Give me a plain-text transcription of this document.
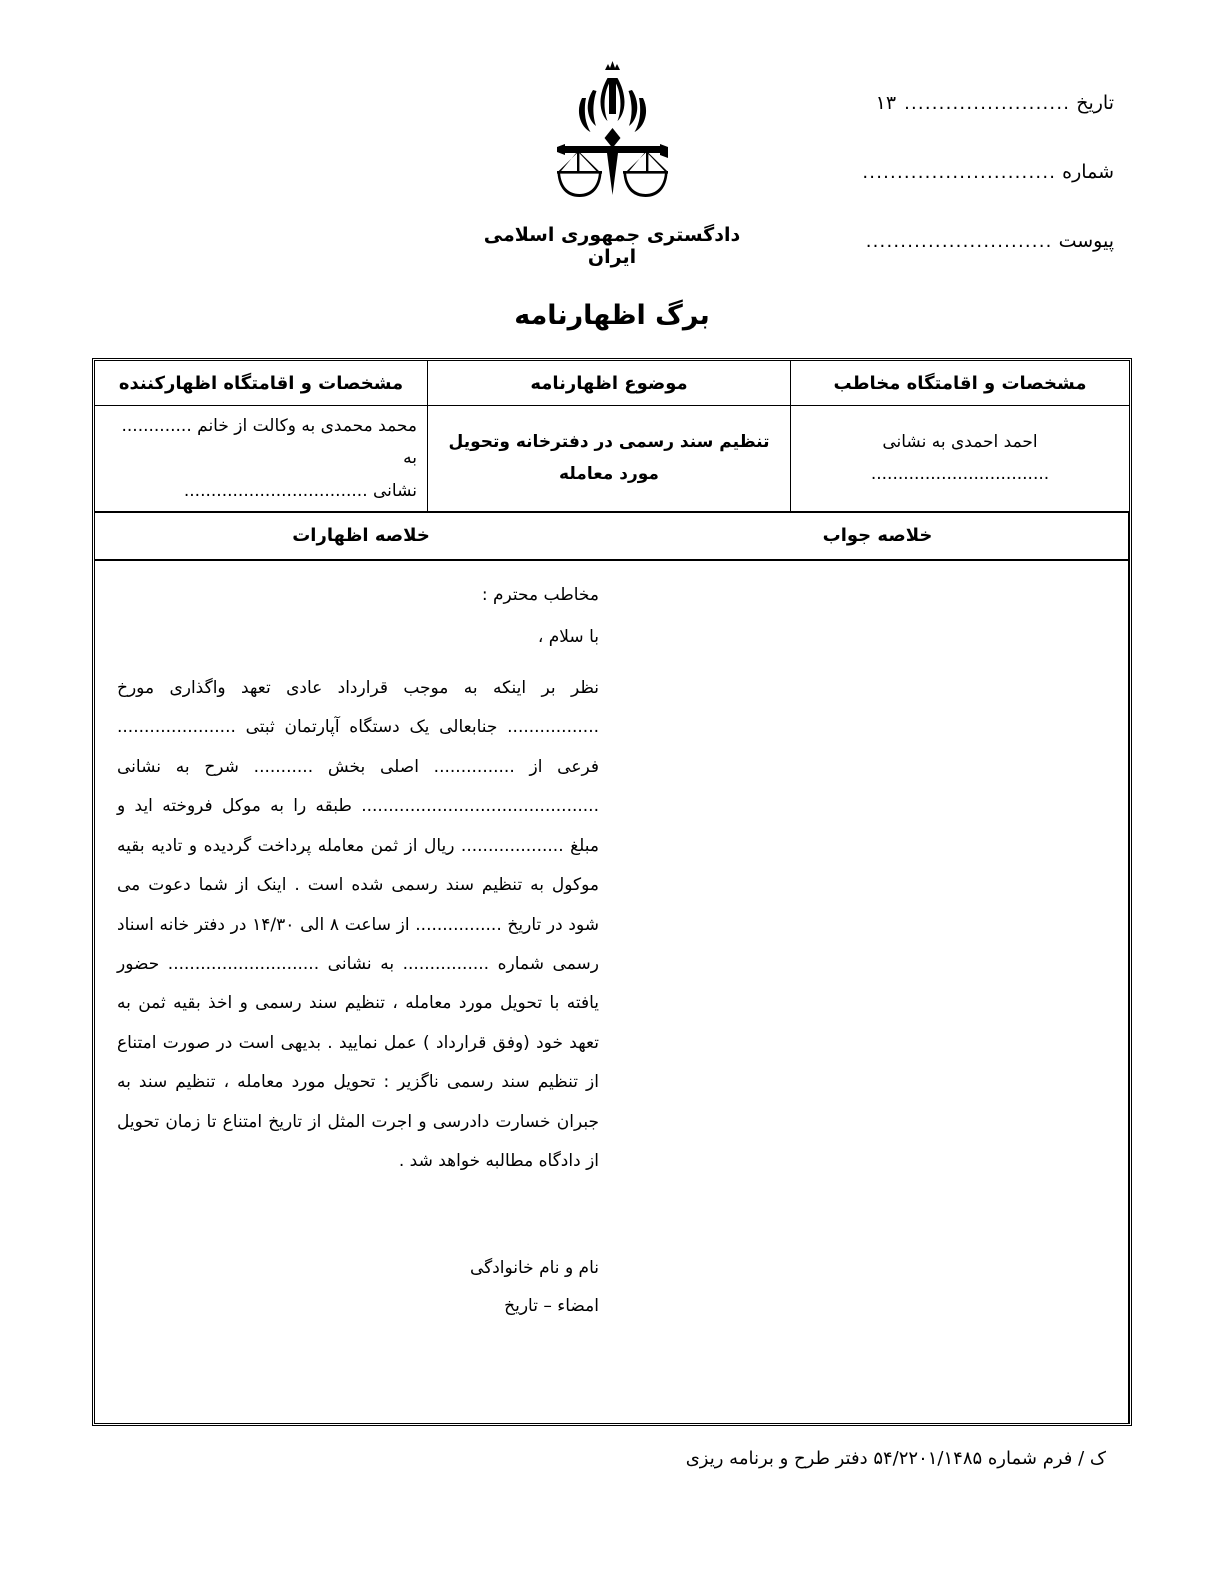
تاریخ
........................
۱۳
شماره
............................
پیوست
...........................
دادگستری جمهوری اسلامی ایران
برگ اظهارنامه
مشخصات و اقامتگاه مخاطب
موضوع اظهارنامه
مشخصات و اقامتگاه اظهارکننده
احمد احمدی به نشانی .................................
تنظیم سند رسمی در دفترخانه وتحویل مورد معامله
محمد محمدی به وکالت از خانم ............. به
نشانی ..................................
خلاصه جواب
خلاصه اظهارات
مخاطب محترم :
با سلام ،

نظر بر اینکه به موجب قرارداد عادی تعهد واگذاری مورخ ................. جنابعالی یک دستگاه آپارتمان ثبتی ...................... فرعی از ............... اصلی بخش ........... شرح به نشانی ............................................ طبقه را به موکل فروخته اید و مبلغ ................... ریال از ثمن معامله پرداخت گردیده و تادیه بقیه موکول به تنظیم سند رسمی شده است . اینک از شما دعوت می شود در تاریخ ................ از ساعت ۸ الی ۱۴/۳۰ در دفتر خانه اسناد رسمی شماره ................ به نشانی ............................ حضور یافته با تحویل مورد معامله ، تنظیم سند رسمی و اخذ بقیه ثمن به تعهد خود (وفق قرارداد ) عمل نمایید . بدیهی است در صورت امتناع از تنظیم سند رسمی ناگزیر : تحویل مورد معامله ، تنظیم سند به جبران خسارت دادرسی و اجرت المثل از تاریخ امتناع تا زمان تحویل از دادگاه مطالبه خواهد شد .

نام و نام خانوادگی
امضاء – تاریخ
ک / فرم شماره ۵۴/۲۲۰۱/۱۴۸۵ دفتر طرح و برنامه ریزی
